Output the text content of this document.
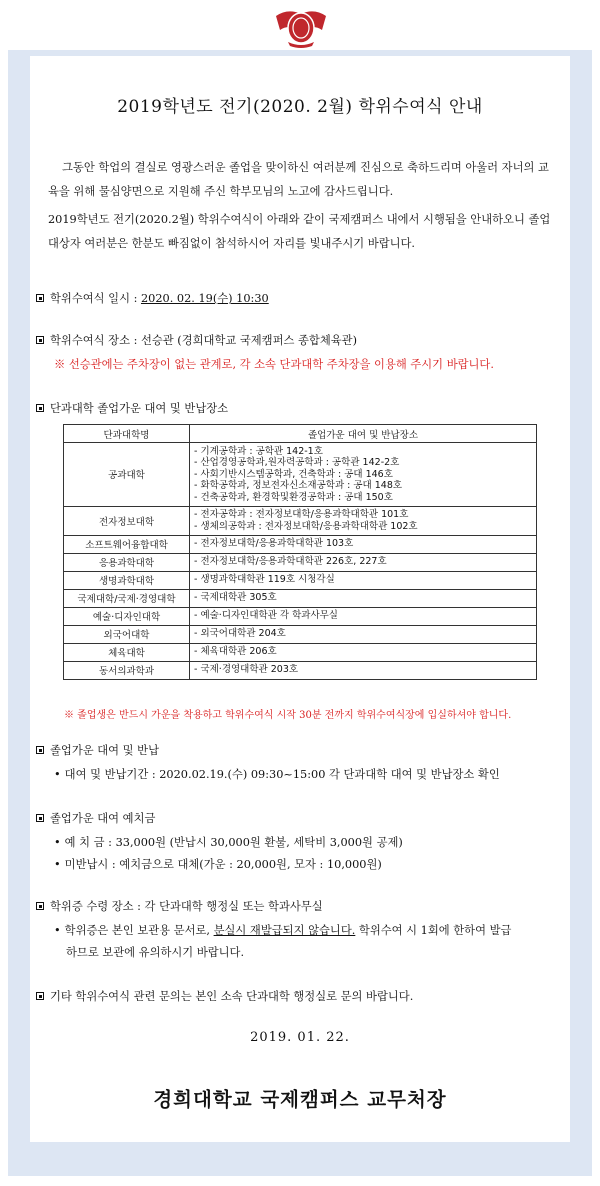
2019학년도 전기(2020. 2월) 학위수여식 안내
그동안 학업의 결실로 영광스러운 졸업을 맞이하신 여러분께 진심으로 축하드리며 아울러 자너의 교육을 위해 물심양면으로 지원해 주신 학부모님의 노고에 감사드립니다.
2019학년도 전기(2020.2월) 학위수여식이 아래와 같이 국제캠퍼스 내에서 시행됨을 안내하오니 졸업대상자 여러분은 한분도 빠짐없이 참석하시어 자리를 빛내주시기 바랍니다.
학위수여식 일시 : 2020. 02. 19(수) 10:30
학위수여식 장소 : 선승관 (경희대학교 국제캠퍼스 종합체육관)
※ 선승관에는 주차장이 없는 관계로, 각 소속 단과대학 주차장을 이용해 주시기 바랍니다.
단과대학 졸업가운 대여 및 반납장소
단과대학명	졸업가운 대여 및 반납장소
공과대학	- 기계공학과 : 공학관 142-1호
- 산업경영공학과,원자력공학과 : 공학관 142-2호
- 사회기반시스템공학과, 건축학과 : 공대 146호
- 화학공학과, 정보전자신소재공학과 : 공대 148호
- 건축공학과, 환경학및환경공학과 : 공대 150호

전자정보대학	- 전자공학과 : 전자정보대학/응용과학대학관 101호
- 생체의공학과 : 전자정보대학/응용과학대학관 102호

소프트웨어융합대학	- 전자정보대학/응용과학대학관 103호

응용과학대학	- 전자정보대학/응용과학대학관 226호, 227호

생명과학대학	- 생명과학대학관 119호 시청각실

국제대학/국제·경영대학	- 국제대학관 305호

예술·디자인대학	- 예술·디자인대학관 각 학과사무실

외국어대학	- 외국어대학관 204호

체육대학	- 체육대학관 206호

동서의과학과	- 국제·경영대학관 203호
※ 졸업생은 반드시 가운을 착용하고 학위수여식 시작 30분 전까지 학위수여식장에 입실하셔야 합니다.
졸업가운 대여 및 반납
• 대여 및 반납기간 : 2020.02.19.(수) 09:30~15:00 각 단과대학 대여 및 반납장소 확인
졸업가운 대여 예치금
• 예 치 금 : 33,000원 (반납시 30,000원 환불, 세탁비 3,000원 공제)
• 미반납시 : 예치금으로 대체(가운 : 20,000원, 모자 : 10,000원)
학위증 수령 장소 : 각 단과대학 행정실 또는 학과사무실
• 학위증은 본인 보관용 문서로, 분실시 재발급되지 않습니다. 학위수여 시 1회에 한하여 발급
하므로 보관에 유의하시기 바랍니다.
기타 학위수여식 관련 문의는 본인 소속 단과대학 행정실로 문의 바랍니다.
2019. 01. 22.
경희대학교 국제캠퍼스 교무처장
